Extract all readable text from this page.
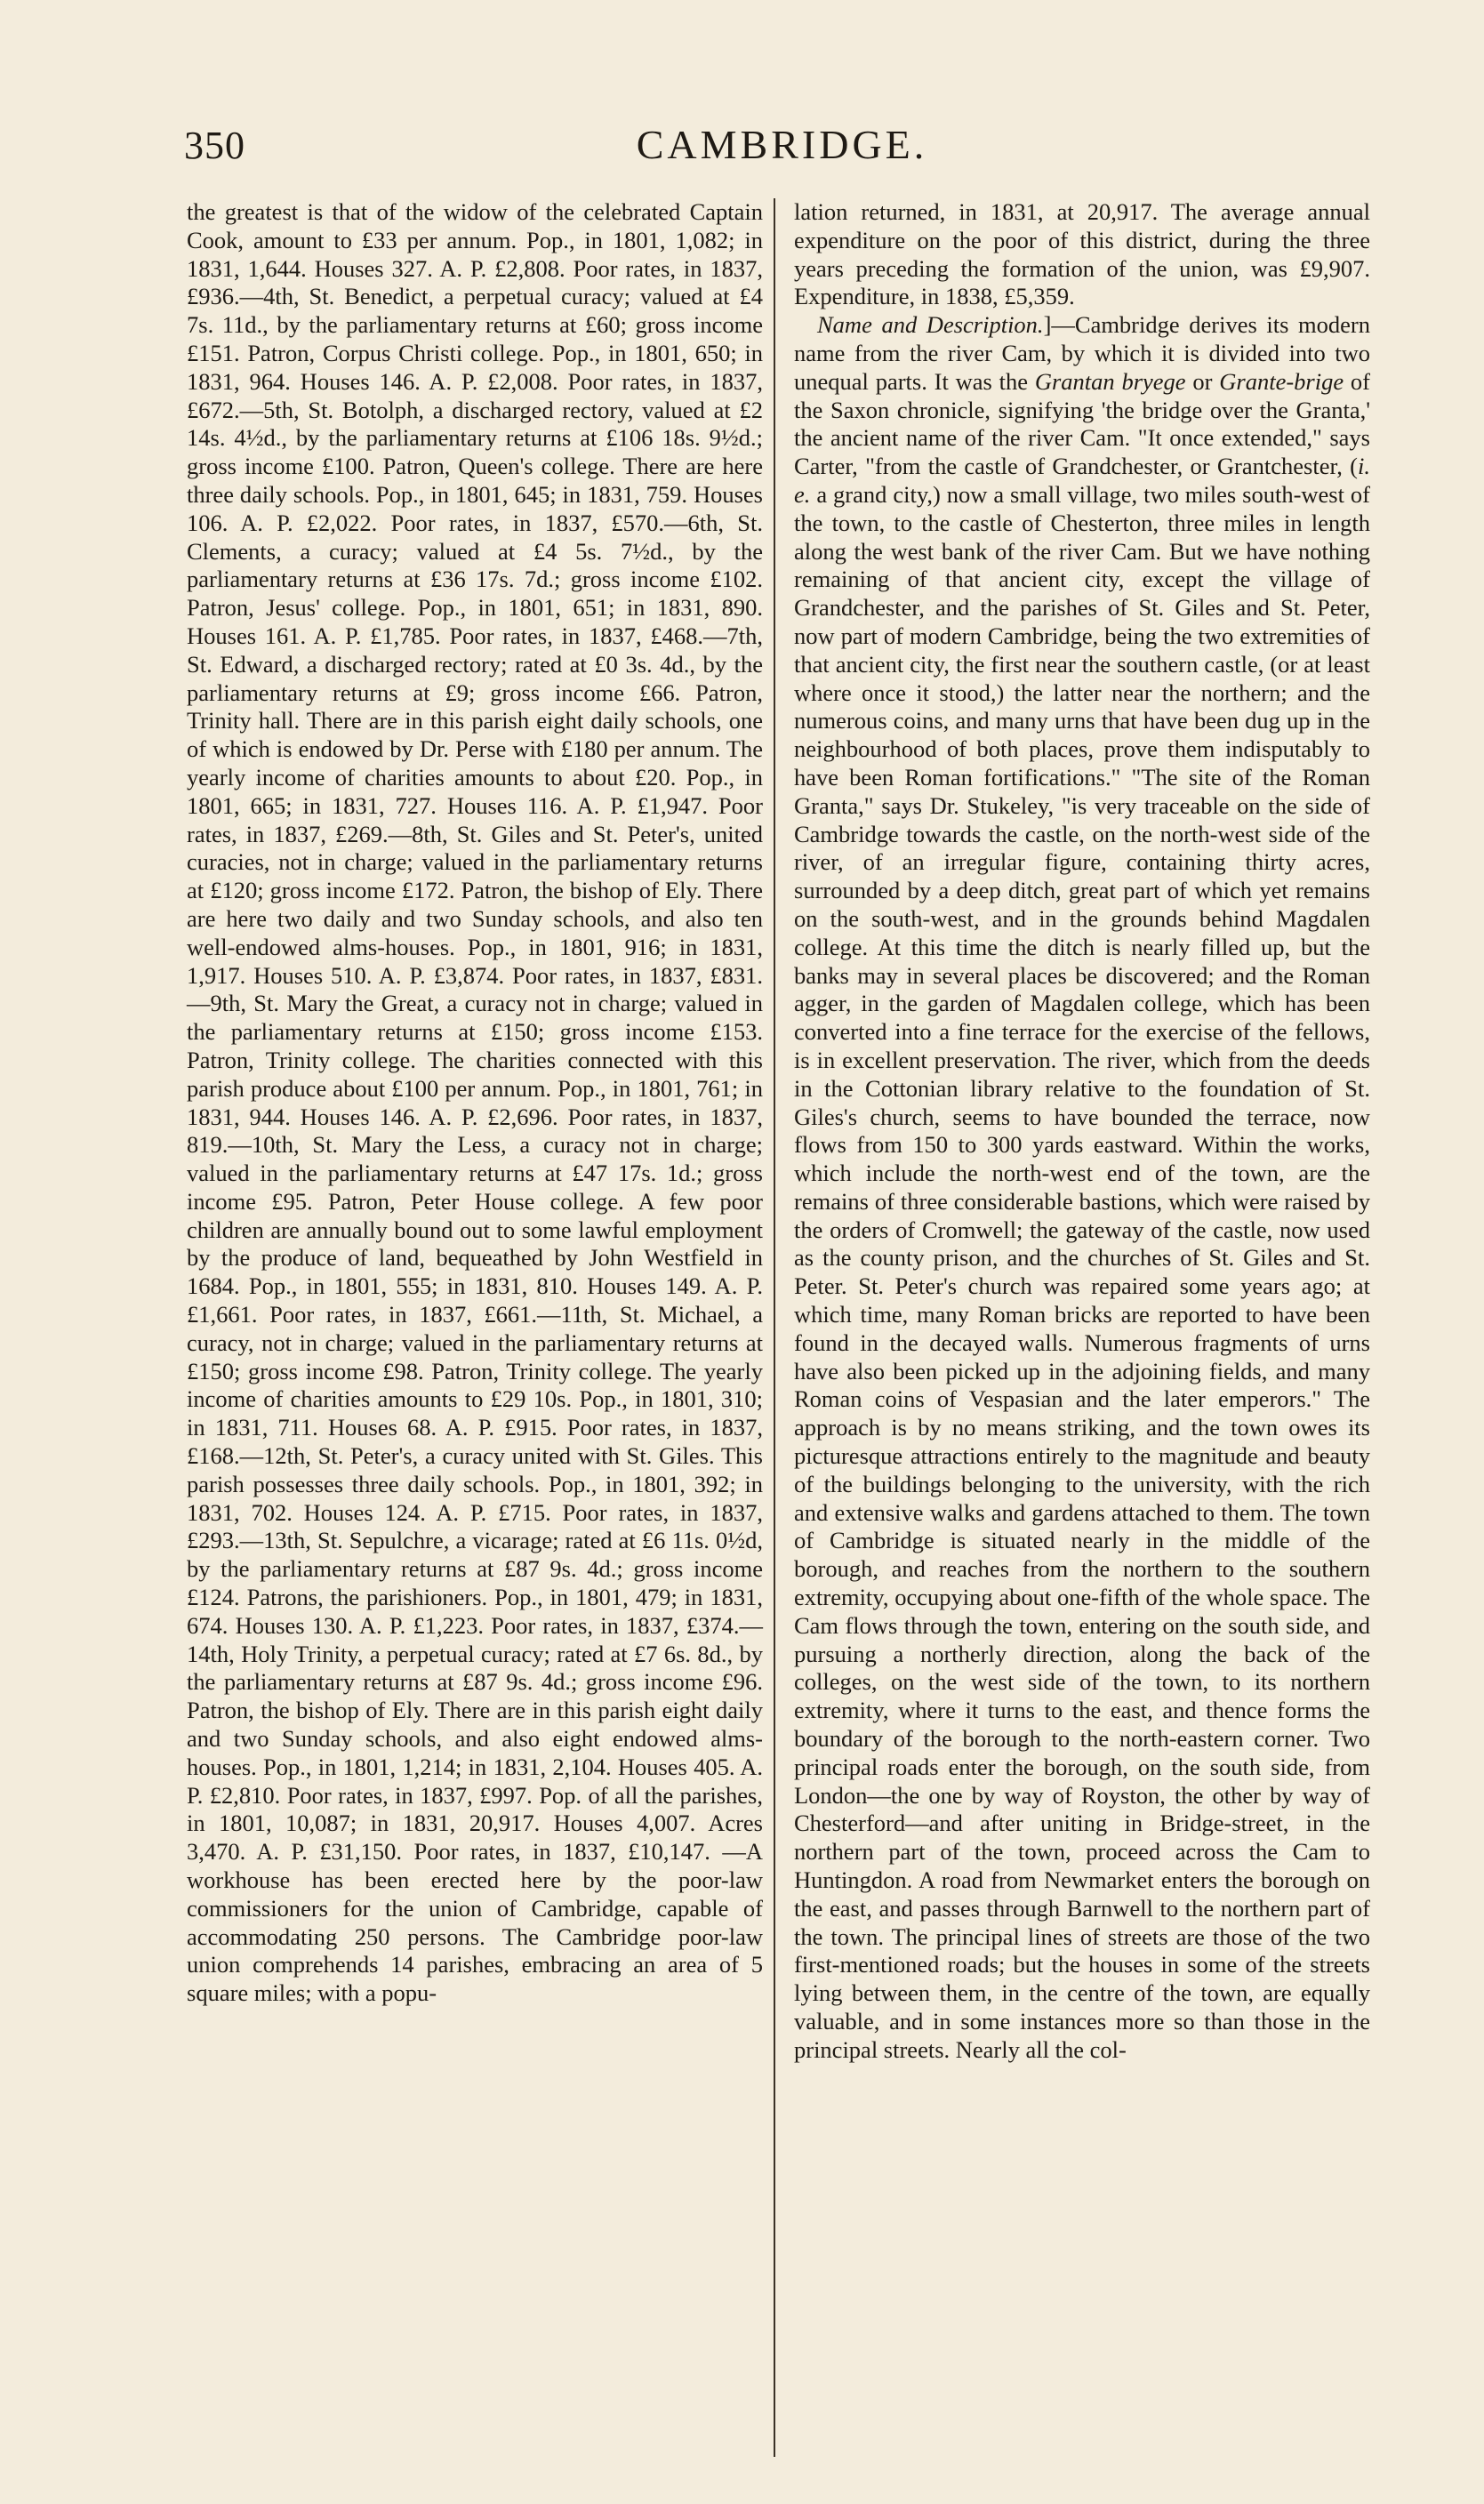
350	CAMBRIDGE.

the greatest is that of the widow of the celebrated Captain Cook, amount to £33 per annum. Pop., in 1801, 1,082; in 1831, 1,644. Houses 327. A. P. £2,808. Poor rates, in 1837, £936.—4th, St. Benedict, a perpetual curacy; valued at £4 7s. 11d., by the parliamentary returns at £60; gross income £151. Patron, Corpus Christi college. Pop., in 1801, 650; in 1831, 964. Houses 146. A. P. £2,008. Poor rates, in 1837, £672.—5th, St. Botolph, a discharged rectory, valued at £2 14s. 4½d., by the parliamentary returns at £106 18s. 9½d.; gross income £100. Patron, Queen's college. There are here three daily schools. Pop., in 1801, 645; in 1831, 759. Houses 106. A. P. £2,022. Poor rates, in 1837, £570.—6th, St. Clements, a curacy; valued at £4 5s. 7½d., by the parliamentary returns at £36 17s. 7d.; gross income £102. Patron, Jesus' college. Pop., in 1801, 651; in 1831, 890. Houses 161. A. P. £1,785. Poor rates, in 1837, £468.—7th, St. Edward, a discharged rectory; rated at £0 3s. 4d., by the parliamentary returns at £9; gross income £66. Patron, Trinity hall. There are in this parish eight daily schools, one of which is endowed by Dr. Perse with £180 per annum. The yearly income of charities amounts to about £20. Pop., in 1801, 665; in 1831, 727. Houses 116. A. P. £1,947. Poor rates, in 1837, £269.—8th, St. Giles and St. Peter's, united curacies, not in charge; valued in the parliamentary returns at £120; gross income £172. Patron, the bishop of Ely. There are here two daily and two Sunday schools, and also ten well-endowed alms-houses. Pop., in 1801, 916; in 1831, 1,917. Houses 510. A. P. £3,874. Poor rates, in 1837, £831.—9th, St. Mary the Great, a curacy not in charge; valued in the parliamentary returns at £150; gross income £153. Patron, Trinity college. The charities connected with this parish produce about £100 per annum. Pop., in 1801, 761; in 1831, 944. Houses 146. A. P. £2,696. Poor rates, in 1837, 819.—10th, St. Mary the Less, a curacy not in charge; valued in the parliamentary returns at £47 17s. 1d.; gross income £95. Patron, Peter House college. A few poor children are annually bound out to some lawful employment by the produce of land, bequeathed by John Westfield in 1684. Pop., in 1801, 555; in 1831, 810. Houses 149. A. P. £1,661. Poor rates, in 1837, £661.—11th, St. Michael, a curacy, not in charge; valued in the parliamentary returns at £150; gross income £98. Patron, Trinity college. The yearly income of charities amounts to £29 10s. Pop., in 1801, 310; in 1831, 711. Houses 68. A. P. £915. Poor rates, in 1837, £168.—12th, St. Peter's, a curacy united with St. Giles. This parish possesses three daily schools. Pop., in 1801, 392; in 1831, 702. Houses 124. A. P. £715. Poor rates, in 1837, £293.—13th, St. Sepulchre, a vicarage; rated at £6 11s. 0½d, by the parliamentary returns at £87 9s. 4d.; gross income £124. Patrons, the parishioners. Pop., in 1801, 479; in 1831, 674. Houses 130. A. P. £1,223. Poor rates, in 1837, £374.—14th, Holy Trinity, a perpetual curacy; rated at £7 6s. 8d., by the parliamentary returns at £87 9s. 4d.; gross income £96. Patron, the bishop of Ely. There are in this parish eight daily and two Sunday schools, and also eight endowed alms-houses. Pop., in 1801, 1,214; in 1831, 2,104. Houses 405. A. P. £2,810. Poor rates, in 1837, £997. Pop. of all the parishes, in 1801, 10,087; in 1831, 20,917. Houses 4,007. Acres 3,470. A. P. £31,150. Poor rates, in 1837, £10,147. —A workhouse has been erected here by the poor-law commissioners for the union of Cambridge, capable of accommodating 250 persons. The Cambridge poor-law union comprehends 14 parishes, embracing an area of 5 square miles; with a popu-

lation returned, in 1831, at 20,917. The average annual expenditure on the poor of this district, during the three years preceding the formation of the union, was £9,907. Expenditure, in 1838, £5,359.

Name and Description.]—Cambridge derives its modern name from the river Cam, by which it is divided into two unequal parts. It was the Grantan bryege or Grante-brige of the Saxon chronicle, signifying 'the bridge over the Granta,' the ancient name of the river Cam. "It once extended," says Carter, "from the castle of Grandchester, or Grantchester, (i. e. a grand city,) now a small village, two miles south-west of the town, to the castle of Chesterton, three miles in length along the west bank of the river Cam. But we have nothing remaining of that ancient city, except the village of Grandchester, and the parishes of St. Giles and St. Peter, now part of modern Cambridge, being the two extremities of that ancient city, the first near the southern castle, (or at least where once it stood,) the latter near the northern; and the numerous coins, and many urns that have been dug up in the neighbourhood of both places, prove them indisputably to have been Roman fortifications." "The site of the Roman Granta," says Dr. Stukeley, "is very traceable on the side of Cambridge towards the castle, on the north-west side of the river, of an irregular figure, containing thirty acres, surrounded by a deep ditch, great part of which yet remains on the south-west, and in the grounds behind Magdalen college. At this time the ditch is nearly filled up, but the banks may in several places be discovered; and the Roman agger, in the garden of Magdalen college, which has been converted into a fine terrace for the exercise of the fellows, is in excellent preservation. The river, which from the deeds in the Cottonian library relative to the foundation of St. Giles's church, seems to have bounded the terrace, now flows from 150 to 300 yards eastward. Within the works, which include the north-west end of the town, are the remains of three considerable bastions, which were raised by the orders of Cromwell; the gateway of the castle, now used as the county prison, and the churches of St. Giles and St. Peter. St. Peter's church was repaired some years ago; at which time, many Roman bricks are reported to have been found in the decayed walls. Numerous fragments of urns have also been picked up in the adjoining fields, and many Roman coins of Vespasian and the later emperors." The approach is by no means striking, and the town owes its picturesque attractions entirely to the magnitude and beauty of the buildings belonging to the university, with the rich and extensive walks and gardens attached to them. The town of Cambridge is situated nearly in the middle of the borough, and reaches from the northern to the southern extremity, occupying about one-fifth of the whole space. The Cam flows through the town, entering on the south side, and pursuing a northerly direction, along the back of the colleges, on the west side of the town, to its northern extremity, where it turns to the east, and thence forms the boundary of the borough to the north-eastern corner. Two principal roads enter the borough, on the south side, from London—the one by way of Royston, the other by way of Chesterford—and after uniting in Bridge-street, in the northern part of the town, proceed across the Cam to Huntingdon. A road from Newmarket enters the borough on the east, and passes through Barnwell to the northern part of the town. The principal lines of streets are those of the two first-mentioned roads; but the houses in some of the streets lying between them, in the centre of the town, are equally valuable, and in some instances more so than those in the principal streets. Nearly all the col-
